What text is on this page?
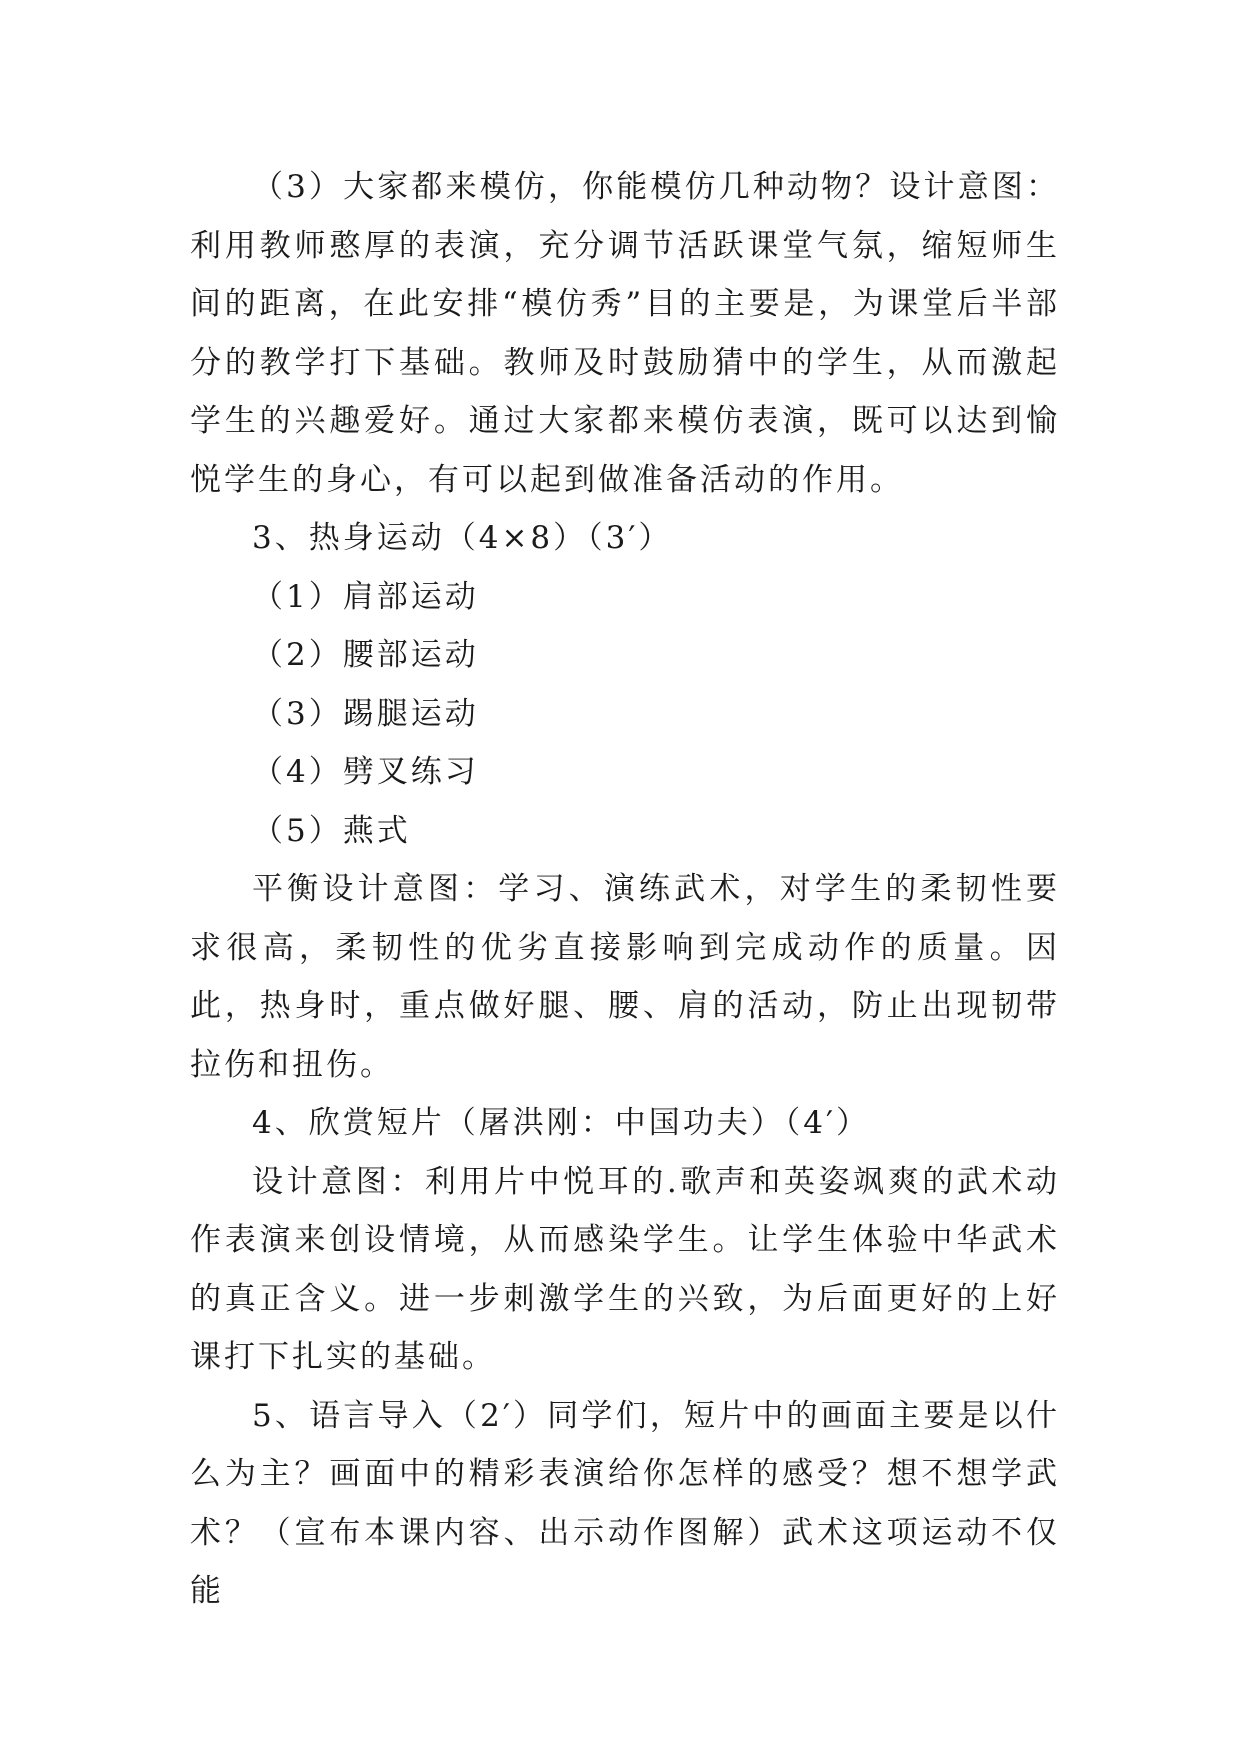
（3）大家都来模仿，你能模仿几种动物？设计意图：利用教师憨厚的表演，充分调节活跃课堂气氛，缩短师生间的距离，在此安排“模仿秀”目的主要是，为课堂后半部分的教学打下基础。教师及时鼓励猜中的学生，从而激起学生的兴趣爱好。通过大家都来模仿表演，既可以达到愉悦学生的身心，有可以起到做准备活动的作用。

3、热身运动（4×8）（3′）

（1）肩部运动

（2）腰部运动

（3）踢腿运动

（4）劈叉练习

（5）燕式

平衡设计意图：学习、演练武术，对学生的柔韧性要求很高，柔韧性的优劣直接影响到完成动作的质量。因此，热身时，重点做好腿、腰、肩的活动，防止出现韧带拉伤和扭伤。

4、欣赏短片（屠洪刚：中国功夫）（4′）

设计意图：利用片中悦耳的.歌声和英姿飒爽的武术动作表演来创设情境，从而感染学生。让学生体验中华武术的真正含义。进一步刺激学生的兴致，为后面更好的上好课打下扎实的基础。

5、语言导入（2′）同学们，短片中的画面主要是以什么为主？画面中的精彩表演给你怎样的感受？想不想学武术？（宣布本课内容、出示动作图解）武术这项运动不仅能
